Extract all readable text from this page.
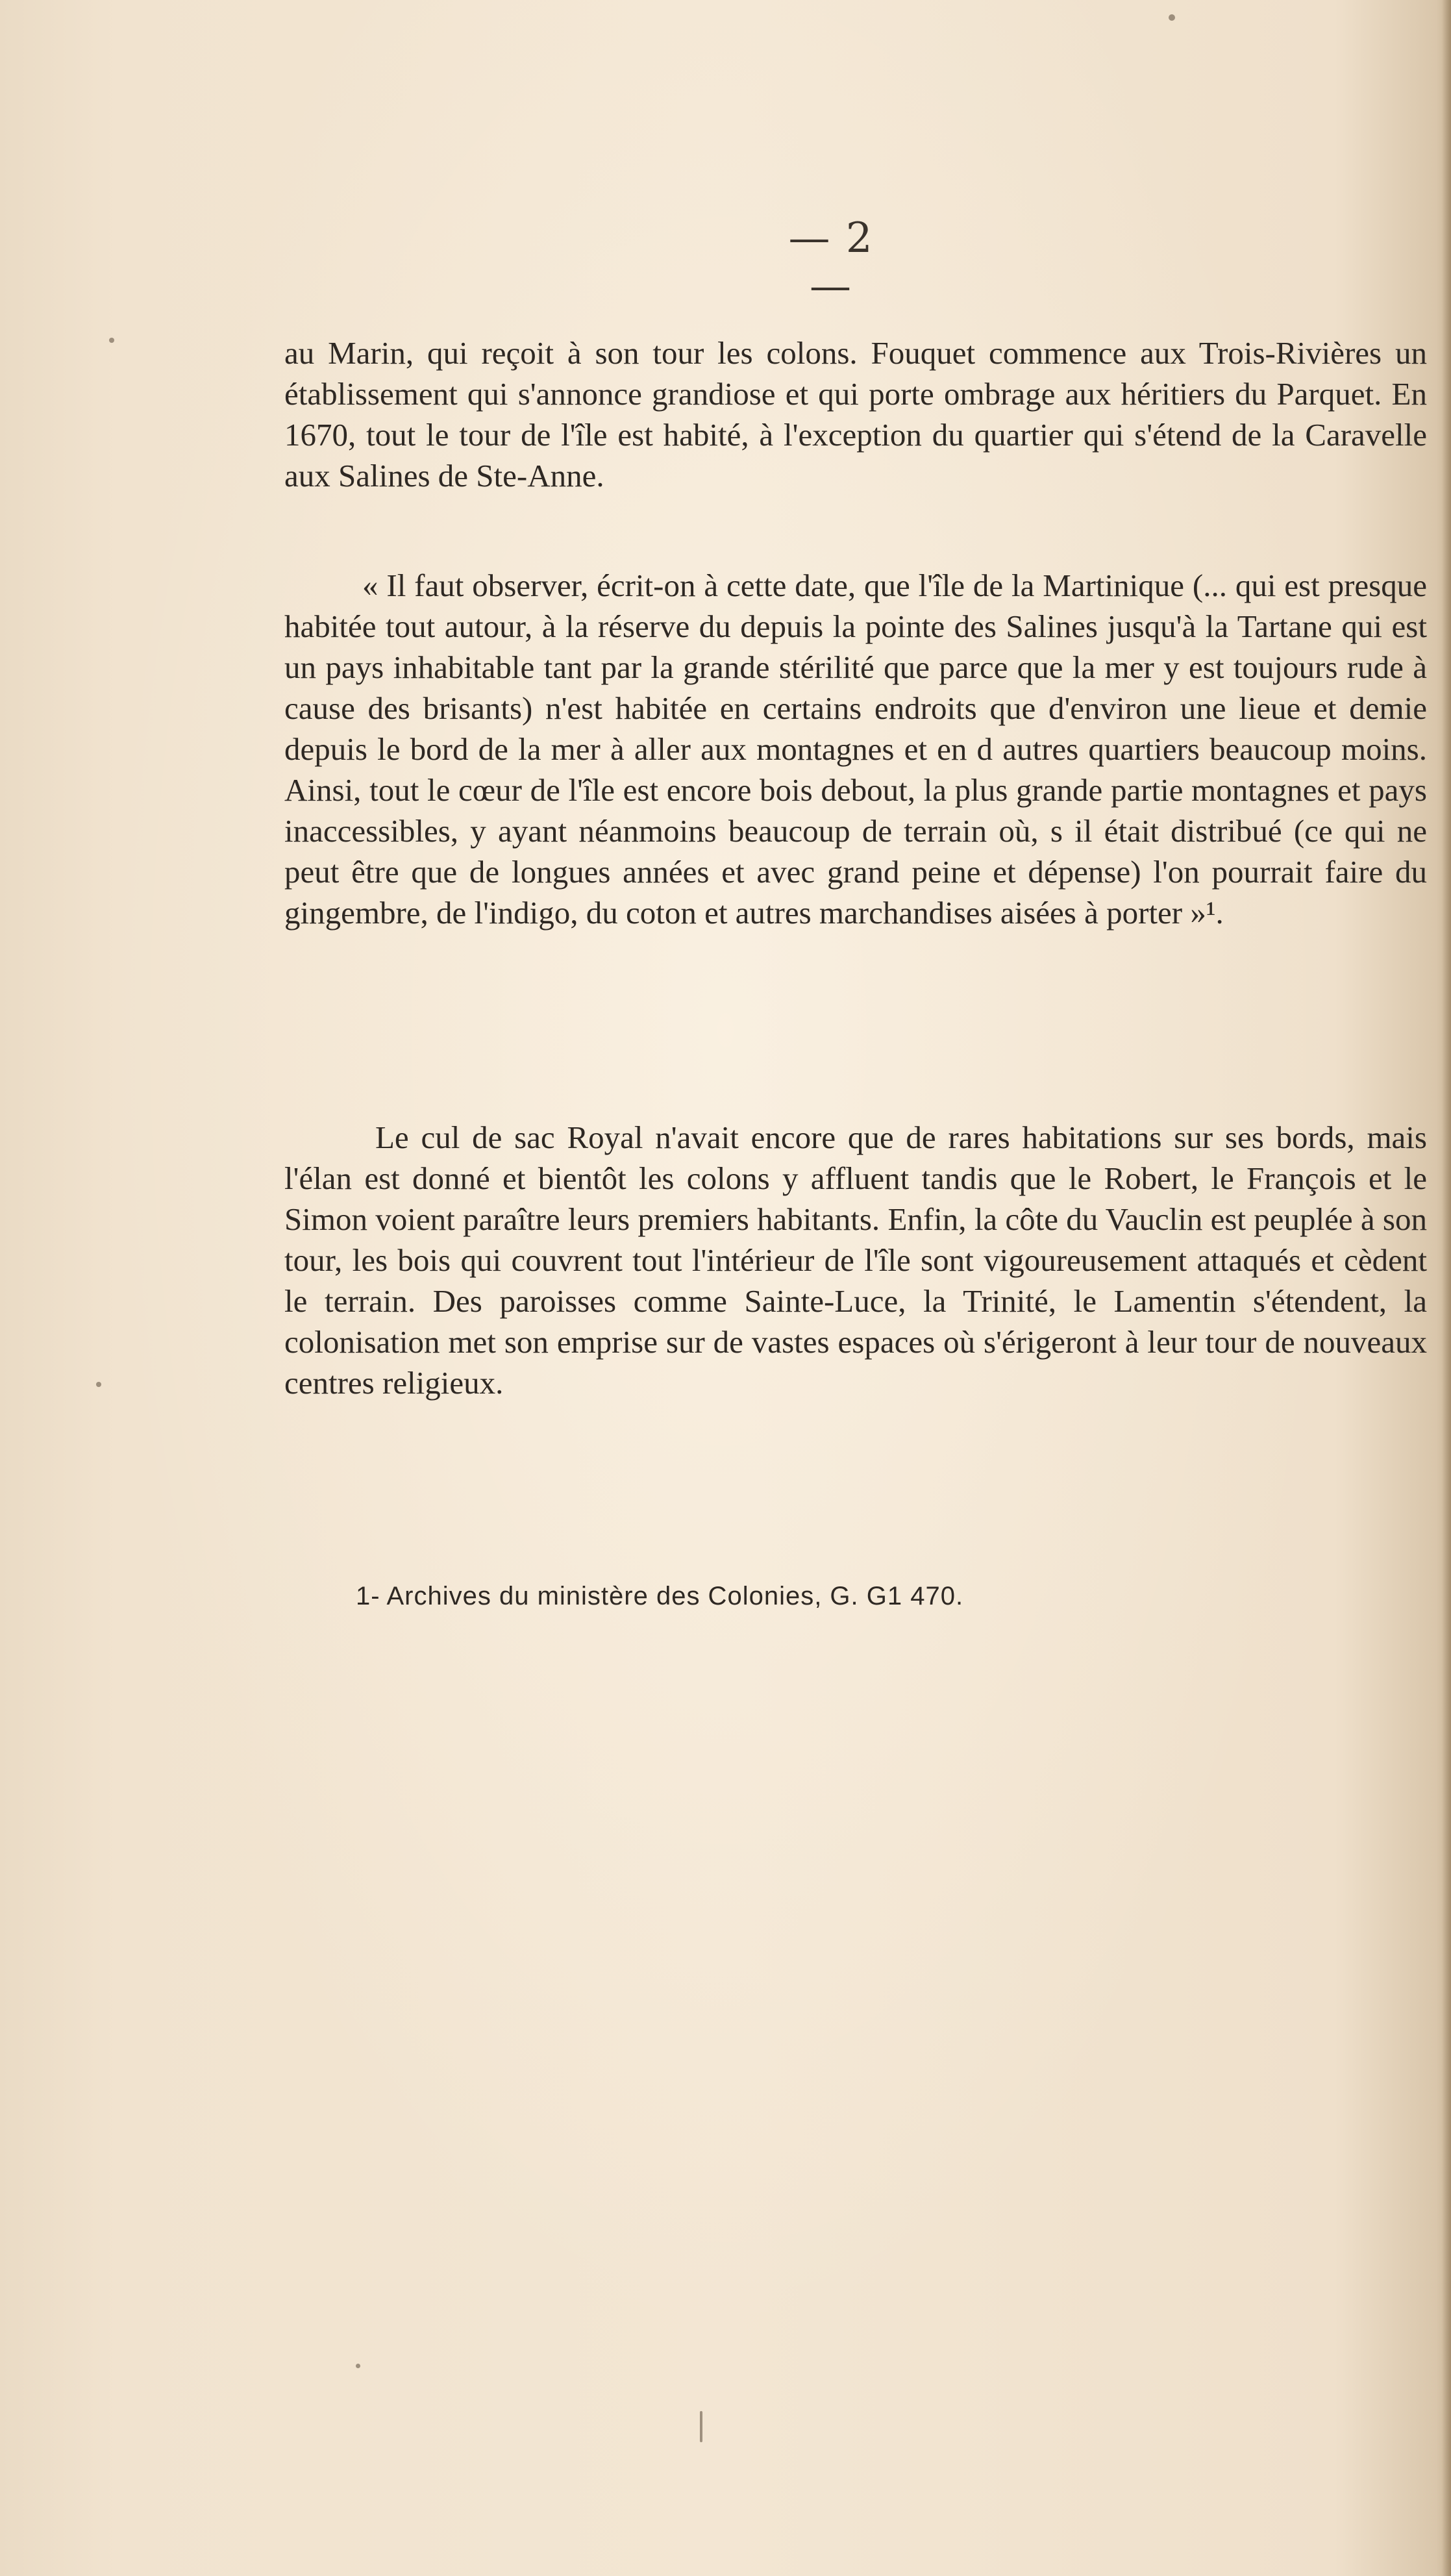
— 2 —
au Marin, qui reçoit à son tour les colons. Fouquet commence aux Trois-Rivières un établissement qui s'annonce grandiose et qui porte ombrage aux héritiers du Parquet. En 1670, tout le tour de l'île est habité, à l'exception du quartier qui s'étend de la Caravelle aux Salines de Ste-Anne.
« Il faut observer, écrit-on à cette date, que l'île de la Martinique (... qui est presque habitée tout autour, à la réserve du depuis la pointe des Salines jusqu'à la Tartane qui est un pays inhabitable tant par la grande stérilité que parce que la mer y est toujours rude à cause des brisants) n'est habitée en certains endroits que d'environ une lieue et demie depuis le bord de la mer à aller aux montagnes et en d autres quartiers beaucoup moins. Ainsi, tout le cœur de l'île est encore bois debout, la plus grande partie montagnes et pays inaccessibles, y ayant néanmoins beaucoup de terrain où, s il était distribué (ce qui ne peut être que de longues années et avec grand peine et dépense) l'on pourrait faire du gingembre, de l'indigo, du coton et autres marchandises aisées à porter »¹.
Le cul de sac Royal n'avait encore que de rares habitations sur ses bords, mais l'élan est donné et bientôt les colons y affluent tandis que le Robert, le François et le Simon voient paraître leurs premiers habitants. Enfin, la côte du Vauclin est peuplée à son tour, les bois qui couvrent tout l'intérieur de l'île sont vigoureusement attaqués et cèdent le terrain. Des paroisses comme Sainte-Luce, la Trinité, le Lamentin s'étendent, la colonisation met son emprise sur de vastes espaces où s'érigeront à leur tour de nouveaux centres religieux.
1- Archives du ministère des Colonies, G. G1 470.
